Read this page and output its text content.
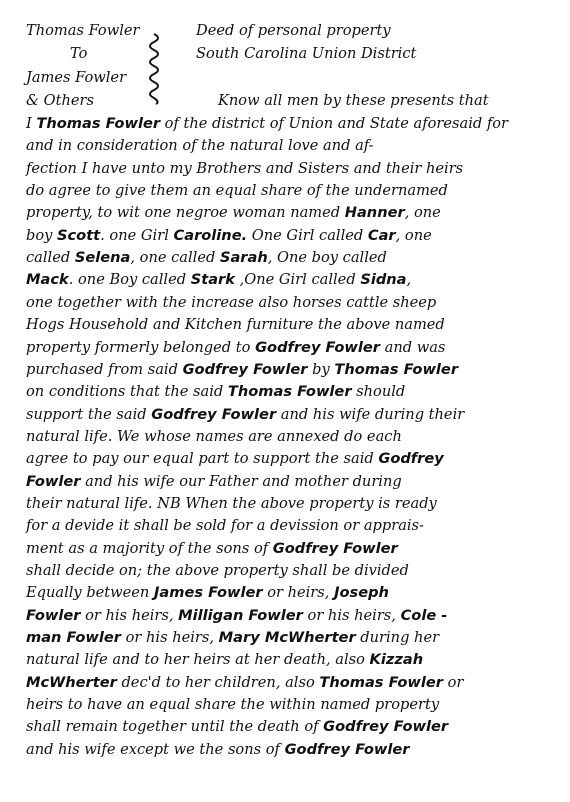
Thomas Fowler
To
James Fowler
& Others
Deed of personal property
South Carolina Union District
Know all men by these presents that
I Thomas Fowler of the district of Union and State aforesaid for
and in consideration of the natural love and af-
fection I have unto my Brothers and Sisters and their heirs
do agree to give them an equal share of the undernamed
property, to wit one negroe woman named Hanner, one
boy Scott. one Girl Caroline. One Girl called Car, one
called Selena, one called Sarah, One boy called
Mack. one Boy called Stark ,One Girl called Sidna,
one together with the increase also horses cattle sheep
Hogs Household and Kitchen furniture the above named
property formerly belonged to Godfrey Fowler and was
purchased from said Godfrey Fowler by Thomas Fowler
on conditions that the said Thomas Fowler should
support the said Godfrey Fowler and his wife during their
natural life. We whose names are annexed do each
agree to pay our equal part to support the said Godfrey
Fowler and his wife our Father and mother during
their natural life. NB When the above property is ready
for a devide it shall be sold for a devission or apprais-
ment as a majority of the sons of Godfrey Fowler
shall decide on; the above property shall be divided
Equally between James Fowler or heirs, Joseph
Fowler or his heirs, Milligan Fowler or his heirs, Cole -
man Fowler or his heirs, Mary McWherter during her
natural life and to her heirs at her death, also Kizzah
McWherter dec'd to her children, also Thomas Fowler or
heirs to have an equal share the within named property
shall remain together until the death of Godfrey Fowler
and his wife except we the sons of Godfrey Fowler
